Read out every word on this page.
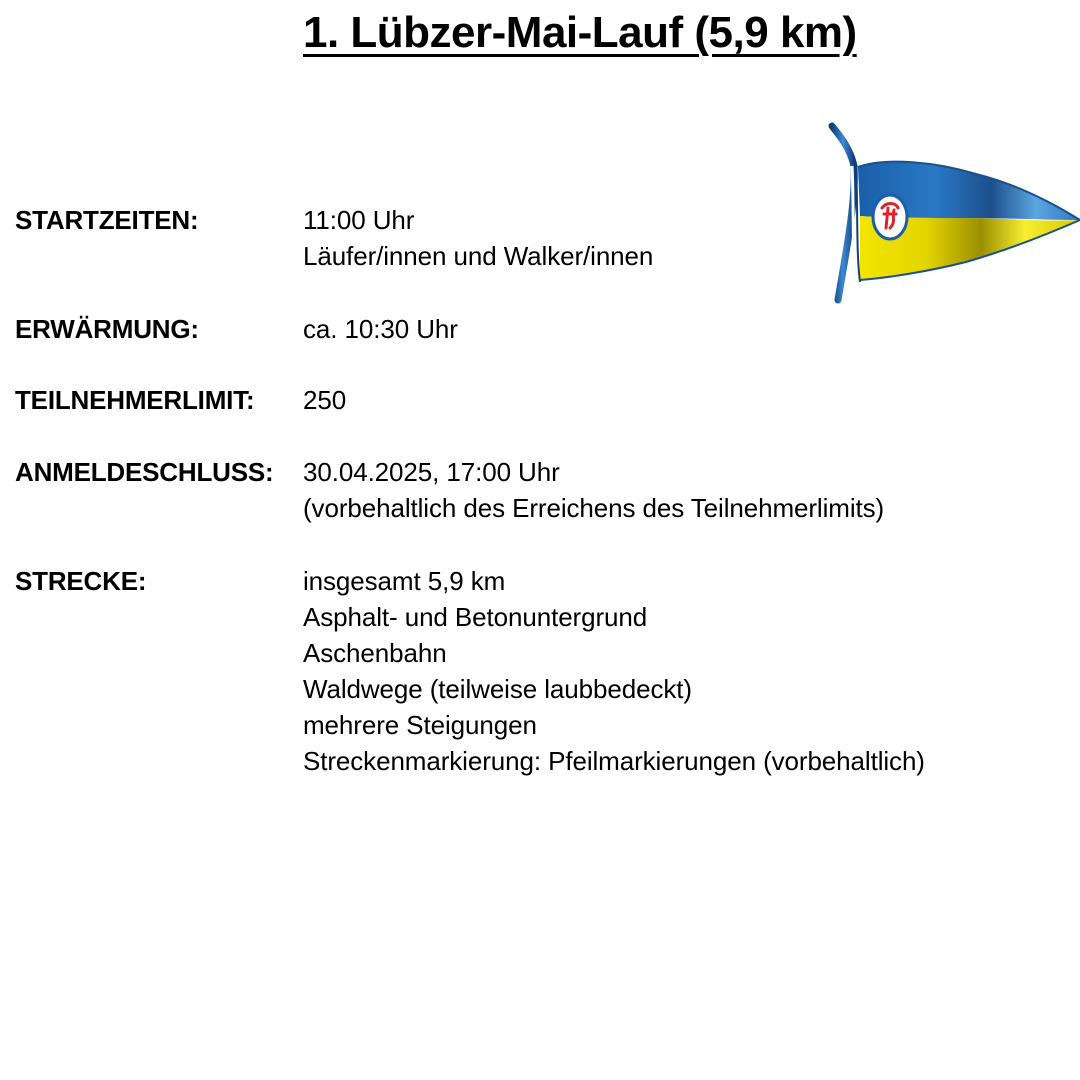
1. Lübzer-Mai-Lauf (5,9 km)
STARTZEITEN:	11:00 Uhr
Läufer/innen und Walker/innen
ERWÄRMUNG:	ca. 10:30 Uhr
TEILNEHMERLIMIT: 250
ANMELDESCHLUSS: 30.04.2025, 17:00 Uhr
(vorbehaltlich des Erreichens des Teilnehmerlimits)
STRECKE:	insgesamt 5,9 km
Asphalt- und Betonuntergrund
Aschenbahn
Waldwege (teilweise laubbedeckt)
mehrere Steigungen
Streckenmarkierung: Pfeilmarkierungen (vorbehaltlich)
